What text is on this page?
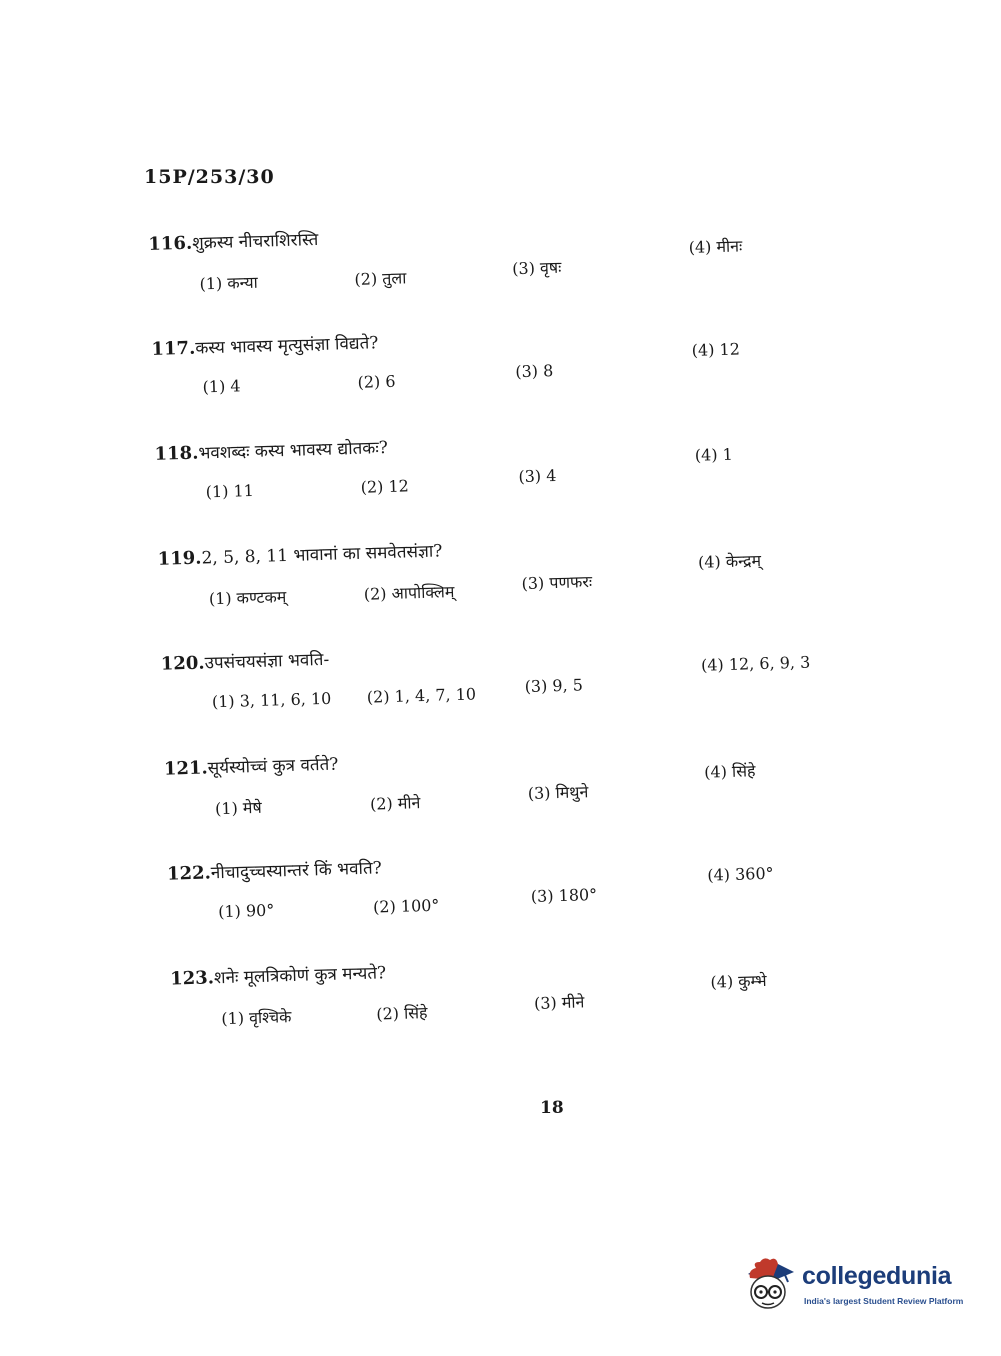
15P/253/30
116.शुक्रस्य नीचराशिरस्ति
(1) कन्या	(2) तुला
(3) वृषः
(4) मीनः
117.कस्य भावस्य मृत्युसंज्ञा विद्यते?
(1) 4	(2) 6
(3) 8
(4) 12
118.भवशब्दः कस्य भावस्य द्योतकः?
(1) 11	(2) 12
(3) 4
(4) 1
119.2, 5, 8, 11 भावानां का समवेतसंज्ञा?
(1) कण्टकम्	(2) आपोक्लिम्	(3) पणफरः
(4) केन्द्रम्
120.उपसंचयसंज्ञा भवति-
(1) 3, 11, 6, 10 (2) 1, 4, 7, 10	(3) 9, 5
(4) 12, 6, 9, 3
121.सूर्यस्योच्चं कुत्र वर्तते?
(1) मेषे	(2) मीने
(3) मिथुने
(4) सिंहे
122.नीचादुच्चस्यान्तरं किं भवति?
(1) 90°	(2) 100°
(3) 180°
(4) 360°
123.शनेः मूलत्रिकोणं कुत्र मन्यते?
(1) वृश्चिके	(2) सिंहे
(3) मीने
(4) कुम्भे
18
collegedunia
India's largest Student Review Platform
